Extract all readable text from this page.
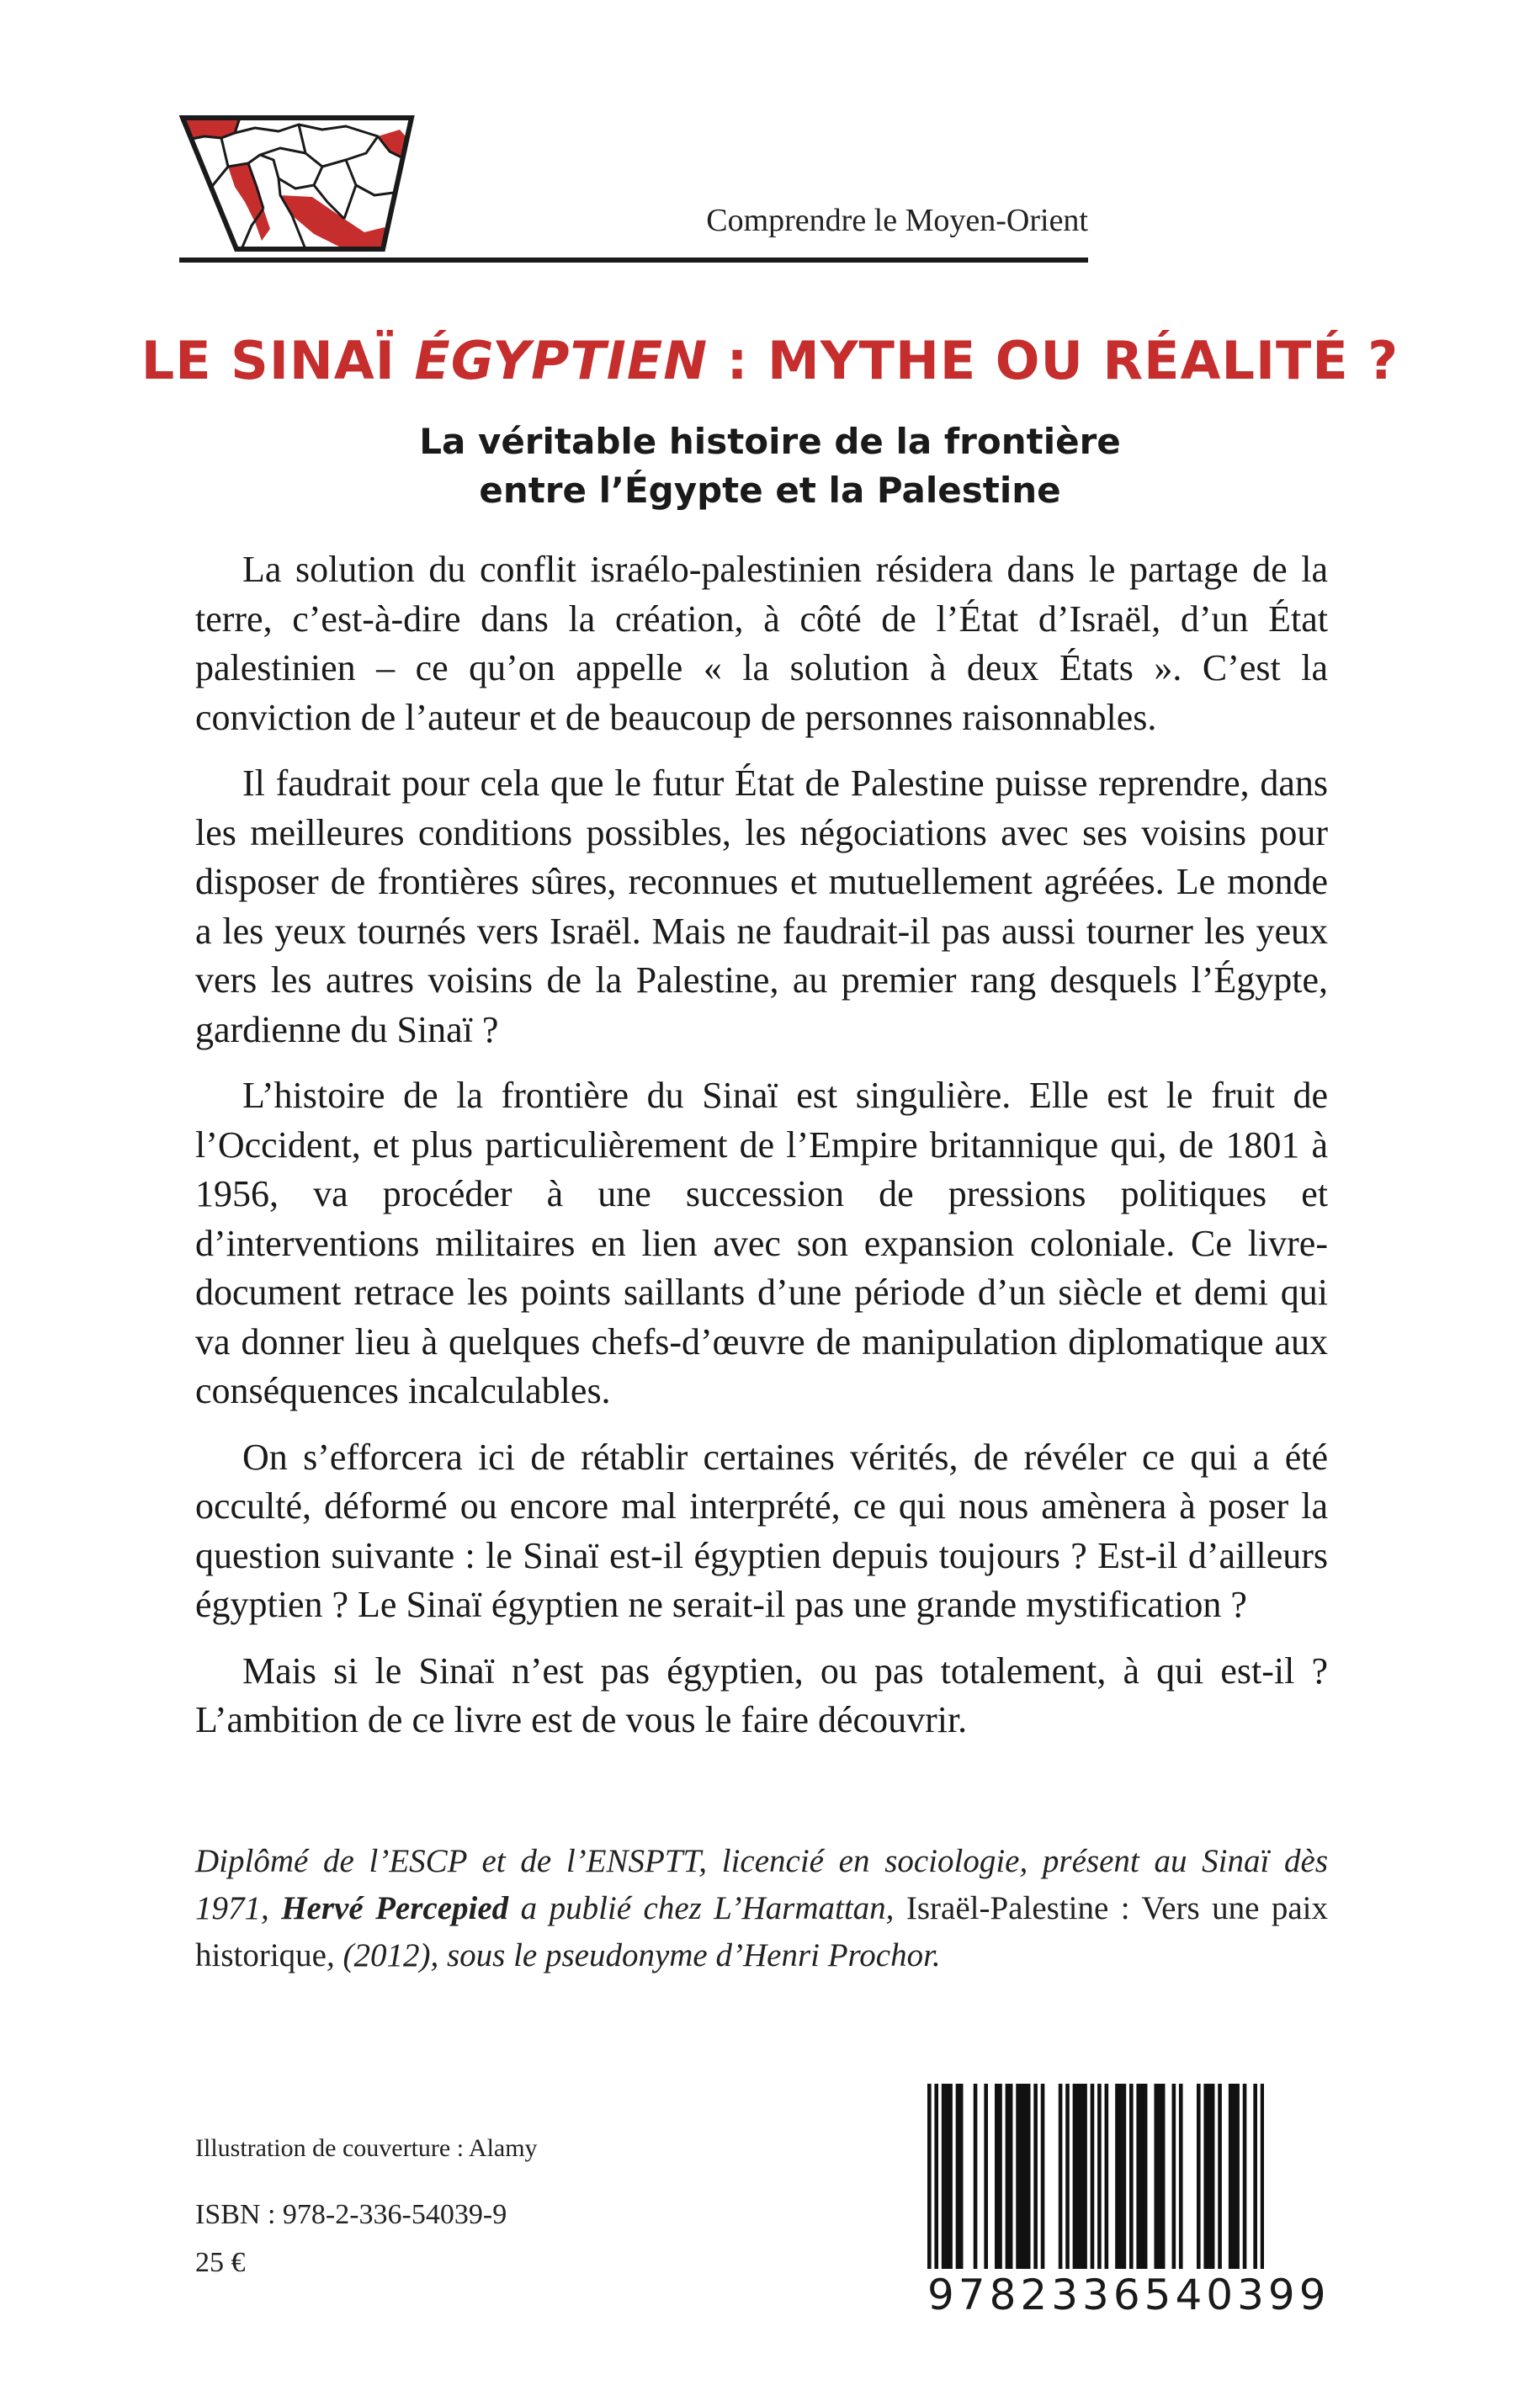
Comprendre le Moyen-Orient
LE SINAÏ ÉGYPTIEN : MYTHE OU RÉALITÉ ?
La véritable histoire de la frontière
entre l’Égypte et la Palestine

La solution du conflit israélo-palestinien résidera dans le partage de la terre, c’est-à-dire dans la création, à côté de l’État d’Israël, d’un État palestinien – ce qu’on appelle « la solution à deux États ». C’est la conviction de l’auteur et de beaucoup de personnes raisonnables.

Il faudrait pour cela que le futur État de Palestine puisse reprendre, dans les meilleures conditions possibles, les négociations avec ses voisins pour disposer de frontières sûres, reconnues et mutuellement agréées. Le monde a les yeux tournés vers Israël. Mais ne faudrait-il pas aussi tourner les yeux vers les autres voisins de la Palestine, au premier rang desquels l’Égypte, gardienne du Sinaï ?

L’histoire de la frontière du Sinaï est singulière. Elle est le fruit de l’Occident, et plus particulièrement de l’Empire britannique qui, de 1801 à 1956, va procéder à une succession de pressions politiques et d’interventions militaires en lien avec son expansion coloniale. Ce livre-document retrace les points saillants d’une période d’un siècle et demi qui va donner lieu à quelques chefs-d’œuvre de manipulation diplomatique aux conséquences incalculables.

On s’efforcera ici de rétablir certaines vérités, de révéler ce qui a été occulté, déformé ou encore mal interprété, ce qui nous amènera à poser la question suivante : le Sinaï est-il égyptien depuis toujours ? Est-il d’ailleurs égyptien ? Le Sinaï égyptien ne serait-il pas une grande mystification ?

Mais si le Sinaï n’est pas égyptien, ou pas totalement, à qui est-il ? L’ambition de ce livre est de vous le faire découvrir.

Diplômé de l’ESCP et de l’ENSPTT, licencié en sociologie, présent au Sinaï dès 1971, Hervé Percepied a publié chez L’Harmattan, Israël-Palestine : Vers une paix historique, (2012), sous le pseudonyme d’Henri Prochor.
Illustration de couverture : Alamy
ISBN : 978-2-336-54039-9
25 €
9782336540399
